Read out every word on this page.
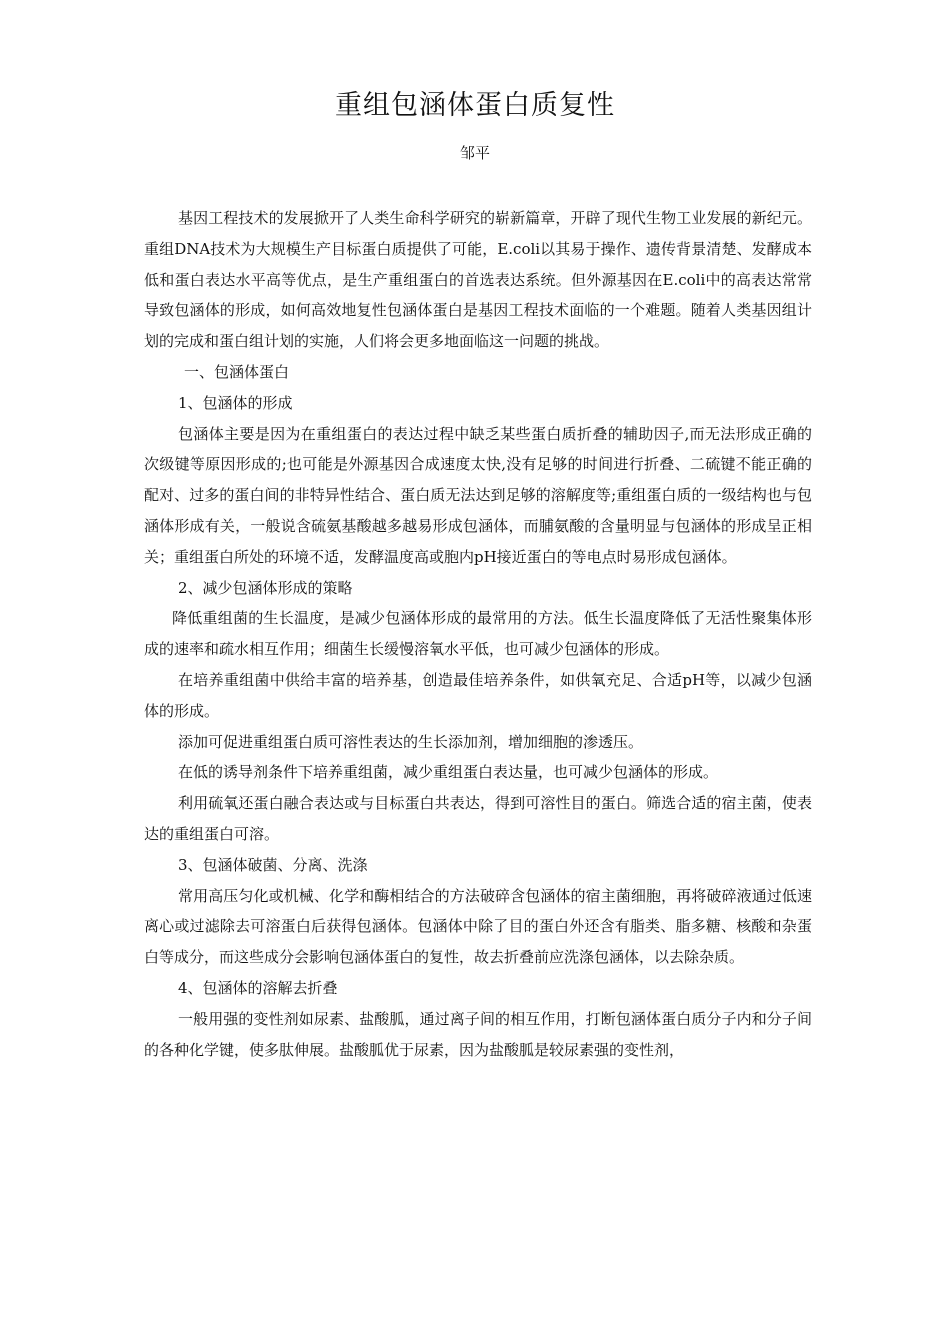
重组包涵体蛋白质复性
邹平

基因工程技术的发展掀开了人类生命科学研究的崭新篇章，开辟了现代生物工业发展的新纪元。重组DNA技术为大规模生产目标蛋白质提供了可能，E.coli以其易于操作、遗传背景清楚、发酵成本低和蛋白表达水平高等优点，是生产重组蛋白的首选表达系统。但外源基因在E.coli中的高表达常常导致包涵体的形成，如何高效地复性包涵体蛋白是基因工程技术面临的一个难题。随着人类基因组计划的完成和蛋白组计划的实施，人们将会更多地面临这一问题的挑战。

一、包涵体蛋白

1、包涵体的形成

包涵体主要是因为在重组蛋白的表达过程中缺乏某些蛋白质折叠的辅助因子,而无法形成正确的次级键等原因形成的;也可能是外源基因合成速度太快,没有足够的时间进行折叠、二硫键不能正确的配对、过多的蛋白间的非特异性结合、蛋白质无法达到足够的溶解度等;重组蛋白质的一级结构也与包涵体形成有关，一般说含硫氨基酸越多越易形成包涵体，而脯氨酸的含量明显与包涵体的形成呈正相关；重组蛋白所处的环境不适，发酵温度高或胞内pH接近蛋白的等电点时易形成包涵体。

2、减少包涵体形成的策略

降低重组菌的生长温度，是减少包涵体形成的最常用的方法。低生长温度降低了无活性聚集体形成的速率和疏水相互作用；细菌生长缓慢溶氧水平低，也可减少包涵体的形成。

在培养重组菌中供给丰富的培养基，创造最佳培养条件，如供氧充足、合适pH等，以减少包涵体的形成。

添加可促进重组蛋白质可溶性表达的生长添加剂，增加细胞的渗透压。

在低的诱导剂条件下培养重组菌，减少重组蛋白表达量，也可减少包涵体的形成。

利用硫氧还蛋白融合表达或与目标蛋白共表达，得到可溶性目的蛋白。筛选合适的宿主菌，使表达的重组蛋白可溶。

3、包涵体破菌、分离、洗涤

常用高压匀化或机械、化学和酶相结合的方法破碎含包涵体的宿主菌细胞，再将破碎液通过低速离心或过滤除去可溶蛋白后获得包涵体。包涵体中除了目的蛋白外还含有脂类、脂多糖、核酸和杂蛋白等成分，而这些成分会影响包涵体蛋白的复性，故去折叠前应洗涤包涵体，以去除杂质。

4、包涵体的溶解去折叠

一般用强的变性剂如尿素、盐酸胍，通过离子间的相互作用，打断包涵体蛋白质分子内和分子间的各种化学键，使多肽伸展。盐酸胍优于尿素，因为盐酸胍是较尿素强的变性剂，
